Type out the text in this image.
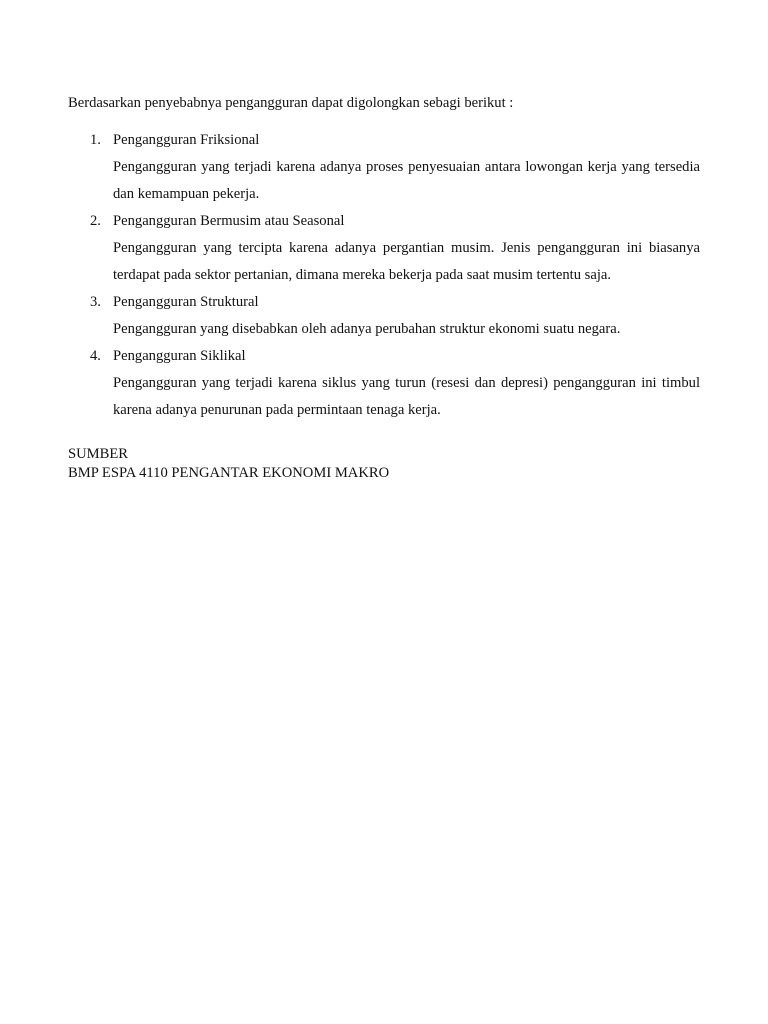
Berdasarkan penyebabnya pengangguran dapat digolongkan sebagi berikut :

1. Pengangguran Friksional

Pengangguran yang terjadi karena adanya proses penyesuaian antara lowongan kerja yang tersedia dan kemampuan pekerja.

2. Pengangguran Bermusim atau Seasonal

Pengangguran yang tercipta karena adanya pergantian musim. Jenis pengangguran ini biasanya terdapat pada sektor pertanian, dimana mereka bekerja pada saat musim tertentu saja.

3. Pengangguran Struktural

Pengangguran yang disebabkan oleh adanya perubahan struktur ekonomi suatu negara.

4. Pengangguran Siklikal

Pengangguran yang terjadi karena siklus yang turun (resesi dan depresi) pengangguran ini timbul karena adanya penurunan pada permintaan tenaga kerja.

SUMBER
BMP ESPA 4110 PENGANTAR EKONOMI MAKRO
